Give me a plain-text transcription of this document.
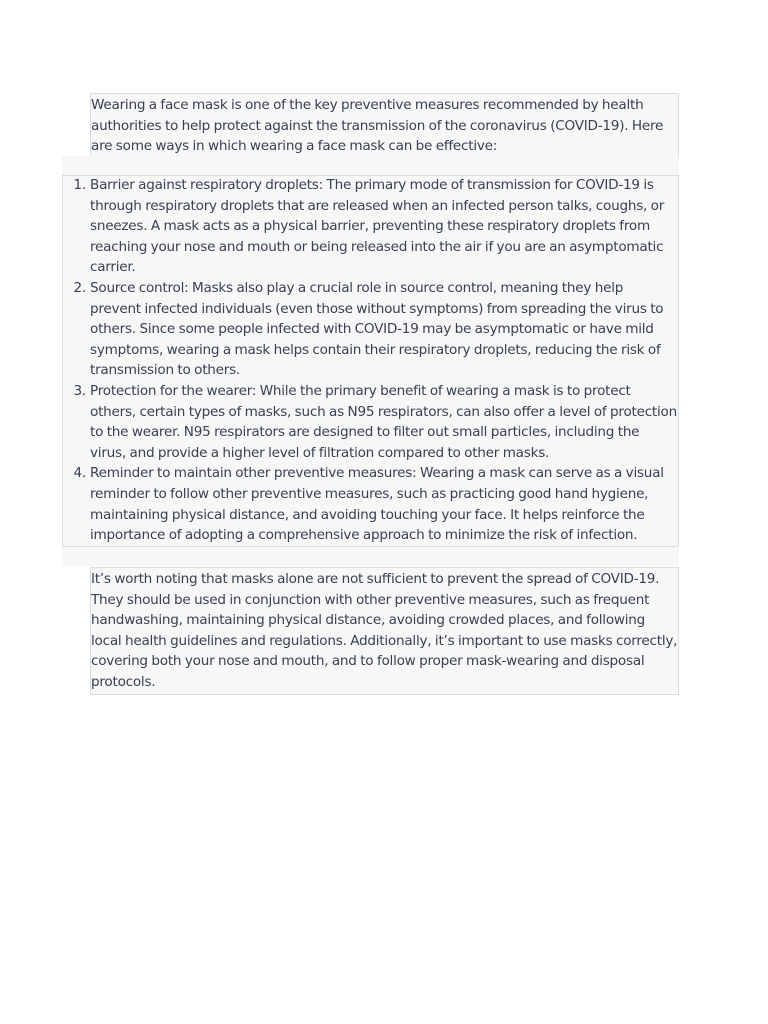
Wearing a face mask is one of the key preventive measures recommended by health authorities to help protect against the transmission of the coronavirus (COVID-19). Here are some ways in which wearing a face mask can be effective:
1. Barrier against respiratory droplets: The primary mode of transmission for COVID-19 is through respiratory droplets that are released when an infected person talks, coughs, or sneezes. A mask acts as a physical barrier, preventing these respiratory droplets from reaching your nose and mouth or being released into the air if you are an asymptomatic carrier.
2. Source control: Masks also play a crucial role in source control, meaning they help prevent infected individuals (even those without symptoms) from spreading the virus to others. Since some people infected with COVID-19 may be asymptomatic or have mild symptoms, wearing a mask helps contain their respiratory droplets, reducing the risk of transmission to others.
3. Protection for the wearer: While the primary benefit of wearing a mask is to protect others, certain types of masks, such as N95 respirators, can also offer a level of protection to the wearer. N95 respirators are designed to filter out small particles, including the virus, and provide a higher level of filtration compared to other masks.
4. Reminder to maintain other preventive measures: Wearing a mask can serve as a visual reminder to follow other preventive measures, such as practicing good hand hygiene, maintaining physical distance, and avoiding touching your face. It helps reinforce the importance of adopting a comprehensive approach to minimize the risk of infection.
It’s worth noting that masks alone are not sufficient to prevent the spread of COVID-19. They should be used in conjunction with other preventive measures, such as frequent handwashing, maintaining physical distance, avoiding crowded places, and following local health guidelines and regulations. Additionally, it’s important to use masks correctly, covering both your nose and mouth, and to follow proper mask-wearing and disposal protocols.
